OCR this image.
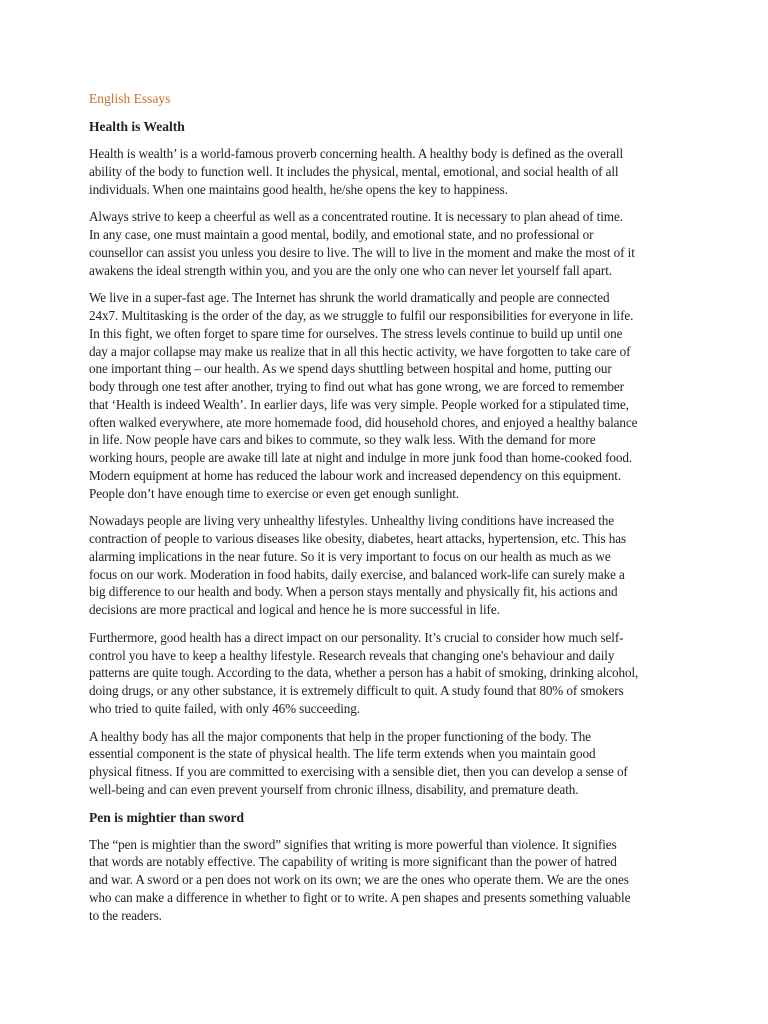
English Essays
Health is Wealth
Health is wealth’ is a world-famous proverb concerning health. A healthy body is defined as the overall
ability of the body to function well. It includes the physical, mental, emotional, and social health of all
individuals. When one maintains good health, he/she opens the key to happiness.
Always strive to keep a cheerful as well as a concentrated routine. It is necessary to plan ahead of time.
In any case, one must maintain a good mental, bodily, and emotional state, and no professional or
counsellor can assist you unless you desire to live. The will to live in the moment and make the most of it
awakens the ideal strength within you, and you are the only one who can never let yourself fall apart.
We live in a super-fast age. The Internet has shrunk the world dramatically and people are connected
24x7. Multitasking is the order of the day, as we struggle to fulfil our responsibilities for everyone in life.
In this fight, we often forget to spare time for ourselves. The stress levels continue to build up until one
day a major collapse may make us realize that in all this hectic activity, we have forgotten to take care of
one important thing – our health. As we spend days shuttling between hospital and home, putting our
body through one test after another, trying to find out what has gone wrong, we are forced to remember
that ‘Health is indeed Wealth’. In earlier days, life was very simple. People worked for a stipulated time,
often walked everywhere, ate more homemade food, did household chores, and enjoyed a healthy balance
in life. Now people have cars and bikes to commute, so they walk less. With the demand for more
working hours, people are awake till late at night and indulge in more junk food than home-cooked food.
Modern equipment at home has reduced the labour work and increased dependency on this equipment.
People don’t have enough time to exercise or even get enough sunlight.
Nowadays people are living very unhealthy lifestyles. Unhealthy living conditions have increased the
contraction of people to various diseases like obesity, diabetes, heart attacks, hypertension, etc. This has
alarming implications in the near future. So it is very important to focus on our health as much as we
focus on our work. Moderation in food habits, daily exercise, and balanced work-life can surely make a
big difference to our health and body. When a person stays mentally and physically fit, his actions and
decisions are more practical and logical and hence he is more successful in life.
Furthermore, good health has a direct impact on our personality. It’s crucial to consider how much self-
control you have to keep a healthy lifestyle. Research reveals that changing one's behaviour and daily
patterns are quite tough. According to the data, whether a person has a habit of smoking, drinking alcohol,
doing drugs, or any other substance, it is extremely difficult to quit. A study found that 80% of smokers
who tried to quite failed, with only 46% succeeding.
A healthy body has all the major components that help in the proper functioning of the body. The
essential component is the state of physical health. The life term extends when you maintain good
physical fitness. If you are committed to exercising with a sensible diet, then you can develop a sense of
well-being and can even prevent yourself from chronic illness, disability, and premature death.
Pen is mightier than sword
The “pen is mightier than the sword” signifies that writing is more powerful than violence. It signifies
that words are notably effective. The capability of writing is more significant than the power of hatred
and war. A sword or a pen does not work on its own; we are the ones who operate them. We are the ones
who can make a difference in whether to fight or to write. A pen shapes and presents something valuable
to the readers.
